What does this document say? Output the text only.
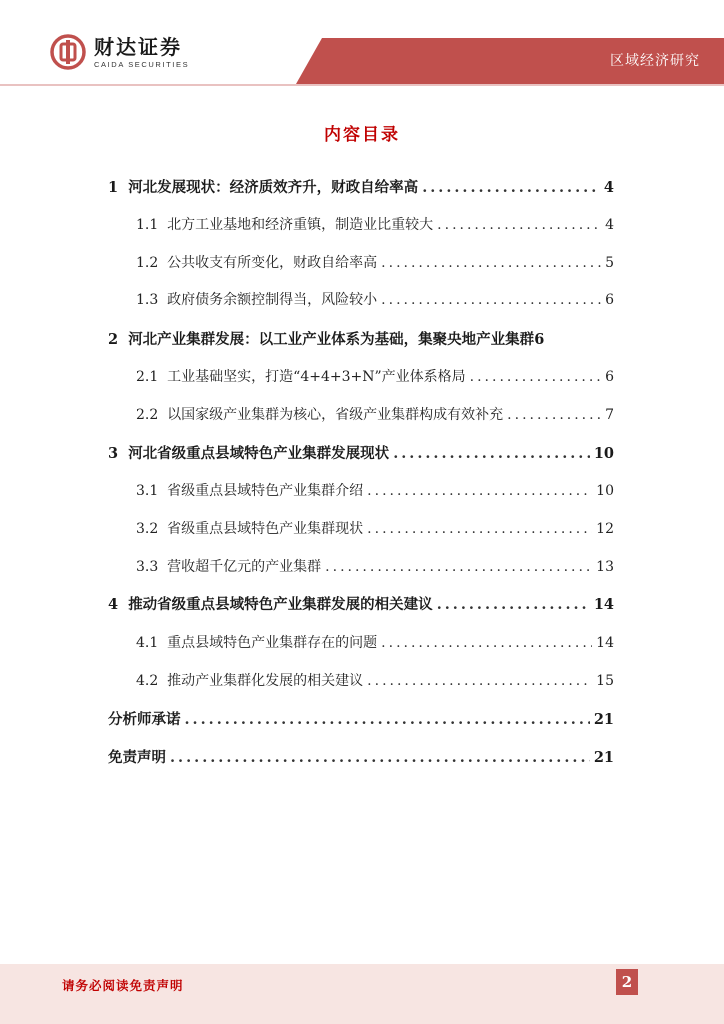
财达证券
CAIDA SECURITIES	区域经济研究
内容目录
1 河北发展现状：经济质效齐升，财政自给率高 .....	4
1.1 北方工业基地和经济重镇，制造业比重较大 .....	4
1.2 公共收支有所变化，财政自给率高 .....	5
1.3 政府债务余额控制得当，风险较小 .....	6
2 河北产业集群发展：以工业产业体系为基础，集聚央地产业集群 6
2.1 工业基础坚实，打造“4+4+3+N”产业体系格局 .....	6
2.2 以国家级产业集群为核心，省级产业集群构成有效补充 .....	7
3 河北省级重点县域特色产业集群发展现状 .....	10
3.1 省级重点县域特色产业集群介绍 .....	10
3.2 省级重点县域特色产业集群现状 .....	12
3.3 营收超千亿元的产业集群 .....	13
4 推动省级重点县域特色产业集群发展的相关建议 .....	14
4.1 重点县域特色产业集群存在的问题 .....	14
4.2 推动产业集群化发展的相关建议 .....	15
分析师承诺 .....	21
免责声明 .....	21
请务必阅读免责声明	2
